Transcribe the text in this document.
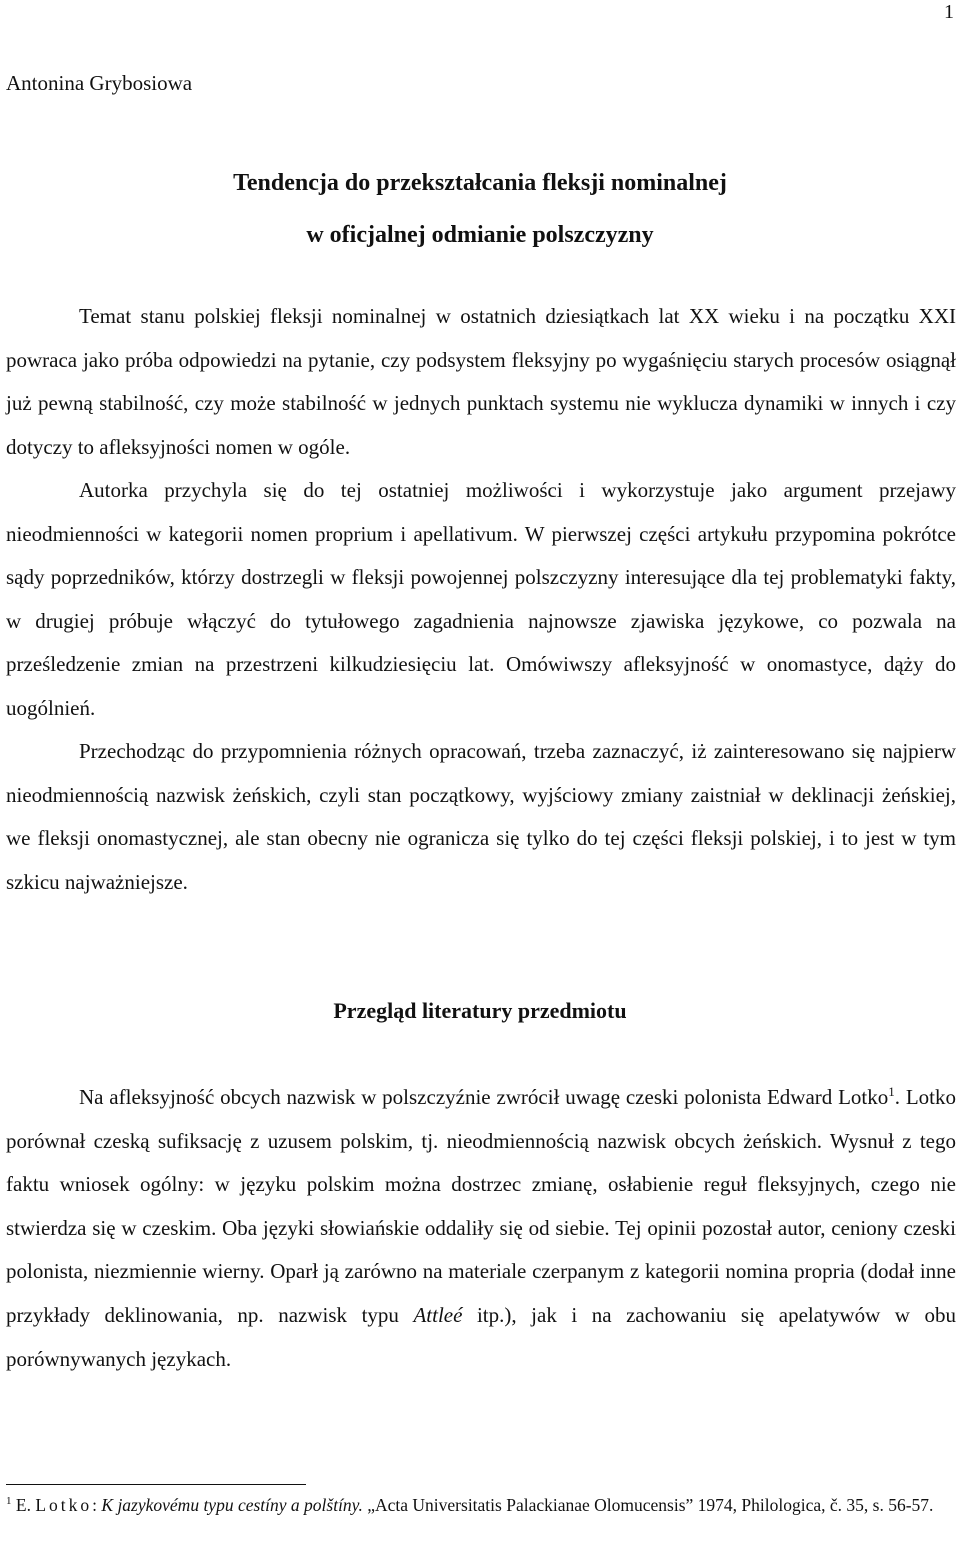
1
Antonina Grybosiowa
Tendencja do przekształcania fleksji nominalnej
w oficjalnej odmianie polszczyzny

Temat stanu polskiej fleksji nominalnej w ostatnich dziesiątkach lat XX wieku i na początku XXI powraca jako próba odpowiedzi na pytanie, czy podsystem fleksyjny po wygaśnięciu starych procesów osiągnął już pewną stabilność, czy może stabilność w jednych punktach systemu nie wyklucza dynamiki w innych i czy dotyczy to afleksyjności nomen w ogóle.

Autorka przychyla się do tej ostatniej możliwości i wykorzystuje jako argument przejawy nieodmienności w kategorii nomen proprium i apellativum. W pierwszej części artykułu przypomina pokrótce sądy poprzedników, którzy dostrzegli w fleksji powojennej polszczyzny interesujące dla tej problematyki fakty, w drugiej próbuje włączyć do tytułowego zagadnienia najnowsze zjawiska językowe, co pozwala na prześledzenie zmian na przestrzeni kilkudziesięciu lat. Omówiwszy afleksyjność w onomastyce, dąży do uogólnień.

Przechodząc do przypomnienia różnych opracowań, trzeba zaznaczyć, iż zainteresowano się najpierw nieodmiennością nazwisk żeńskich, czyli stan początkowy, wyjściowy zmiany zaistniał w deklinacji żeńskiej, we fleksji onomastycznej, ale stan obecny nie ogranicza się tylko do tej części fleksji polskiej, i to jest w tym szkicu najważniejsze.

Przegląd literatury przedmiotu

Na afleksyjność obcych nazwisk w polszczyźnie zwrócił uwagę czeski polonista Edward Lotko$^1$. Lotko porównał czeską sufiksację z uzusem polskim, tj. nieodmiennością nazwisk obcych żeńskich. Wysnuł z tego faktu wniosek ogólny: w języku polskim można dostrzec zmianę, osłabienie reguł fleksyjnych, czego nie stwierdza się w czeskim. Oba języki słowiańskie oddaliły się od siebie. Tej opinii pozostał autor, ceniony czeski polonista, niezmiennie wierny. Oparł ją zarówno na materiale czerpanym z kategorii nomina propria (dodał inne przykłady deklinowania, np. nazwisk typu Attleé itp.), jak i na zachowaniu się apelatywów w obu porównywanych językach.

$^1$ E. Lotko: K jazykovému typu cestíny a polštíny. „Acta Universitatis Palackianae Olomucensis” 1974, Philologica, č. 35, s. 56-57.
